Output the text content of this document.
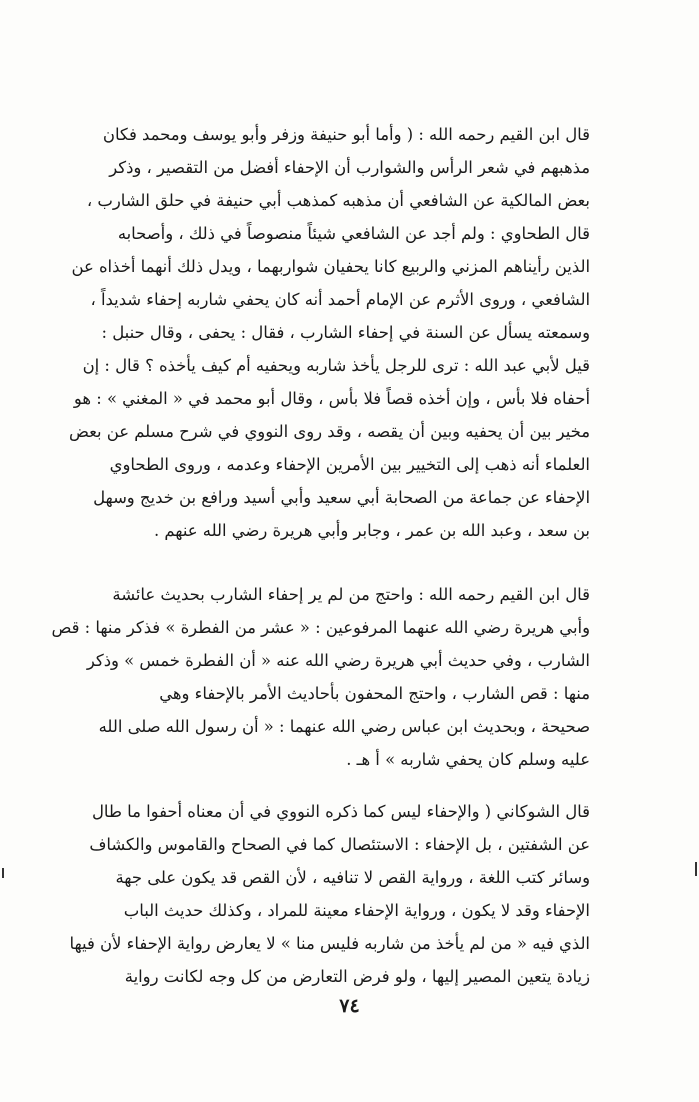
قال ابن القيم رحمه الله : ( وأما أبو حنيفة وزفر وأبو يوسف ومحمد فكان
مذهبهم في شعر الرأس والشوارب أن الإحفاء أفضل من التقصير ، وذكر
بعض المالكية عن الشافعي أن مذهبه كمذهب أبي حنيفة في حلق الشارب ،
قال الطحاوي : ولم أجد عن الشافعي شيئاً منصوصاً في ذلك ، وأصحابه
الذين رأيناهم المزني والربيع كانا يحفيان شواربهما ، ويدل ذلك أنهما أخذاه عن
الشافعي ، وروى الأثرم عن الإمام أحمد أنه كان يحفي شاربه إحفاء شديداً ،
وسمعته يسأل عن السنة في إحفاء الشارب ، فقال : يحفى ، وقال حنبل :
قيل لأبي عبد الله : ترى للرجل يأخذ شاربه ويحفيه أم كيف يأخذه ؟ قال : إن
أحفاه فلا بأس ، وإن أخذه قصاً فلا بأس ، وقال أبو محمد في « المغني » : هو
مخير بين أن يحفيه وبين أن يقصه ، وقد روى النووي في شرح مسلم عن بعض
العلماء أنه ذهب إلى التخيير بين الأمرين الإحفاء وعدمه ، وروى الطحاوي
الإحفاء عن جماعة من الصحابة أبي سعيد وأبي أسيد ورافع بن خديج وسهل
بن سعد ، وعبد الله بن عمر ، وجابر وأبي هريرة رضي الله عنهم .
قال ابن القيم رحمه الله : واحتج من لم ير إحفاء الشارب بحديث عائشة
وأبي هريرة رضي الله عنهما المرفوعين : « عشر من الفطرة » فذكر منها : قص
الشارب ، وفي حديث أبي هريرة رضي الله عنه « أن الفطرة خمس » وذكر
منها : قص الشارب ، واحتج المحفون بأحاديث الأمر بالإحفاء وهي
صحيحة ، وبحديث ابن عباس رضي الله عنهما : « أن رسول الله صلى الله
عليه وسلم كان يحفي شاربه » أ هـ .
قال الشوكاني ( والإحفاء ليس كما ذكره النووي في أن معناه أحفوا ما طال
عن الشفتين ، بل الإحفاء : الاستئصال كما في الصحاح والقاموس والكشاف
وسائر كتب اللغة ، ورواية القص لا تنافيه ، لأن القص قد يكون على جهة
الإحفاء وقد لا يكون ، ورواية الإحفاء معينة للمراد ، وكذلك حديث الباب
الذي فيه « من لم يأخذ من شاربه فليس منا » لا يعارض رواية الإحفاء لأن فيها
زيادة يتعين المصير إليها ، ولو فرض التعارض من كل وجه لكانت رواية
٧٤
